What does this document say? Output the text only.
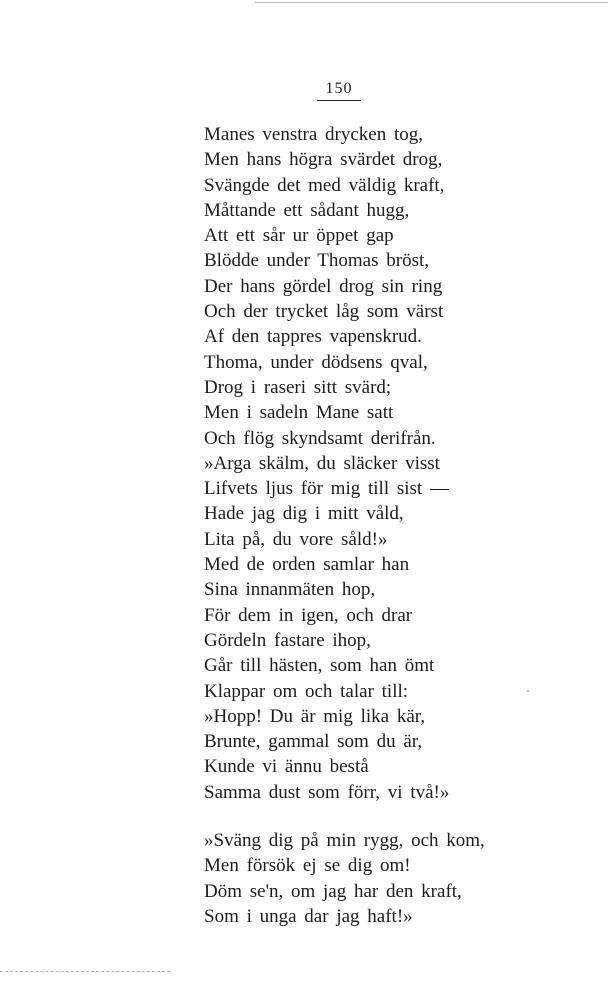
150
Manes venstra drycken tog,
Men hans högra svärdet drog,
Svängde det med väldig kraft,
Måttande ett sådant hugg,
Att ett sår ur öppet gap
Blödde under Thomas bröst,
Der hans gördel drog sin ring
Och der trycket låg som värst
Af den tappres vapenskrud.
Thoma, under dödsens qval,
Drog i raseri sitt svärd;
Men i sadeln Mane satt
Och flög skyndsamt derifrån.
»Arga skälm, du släcker visst
Lifvets ljus för mig till sist —
Hade jag dig i mitt våld,
Lita på, du vore såld!»
Med de orden samlar han
Sina innanmäten hop,
För dem in igen, och drar
Gördeln fastare ihop,
Går till hästen, som han ömt
Klappar om och talar till:
»Hopp! Du är mig lika kär,
Brunte, gammal som du är,
Kunde vi ännu bestå
Samma dust som förr, vi två!»
»Sväng dig på min rygg, och kom,
Men försök ej se dig om!
Döm se'n, om jag har den kraft,
Som i unga dar jag haft!»
